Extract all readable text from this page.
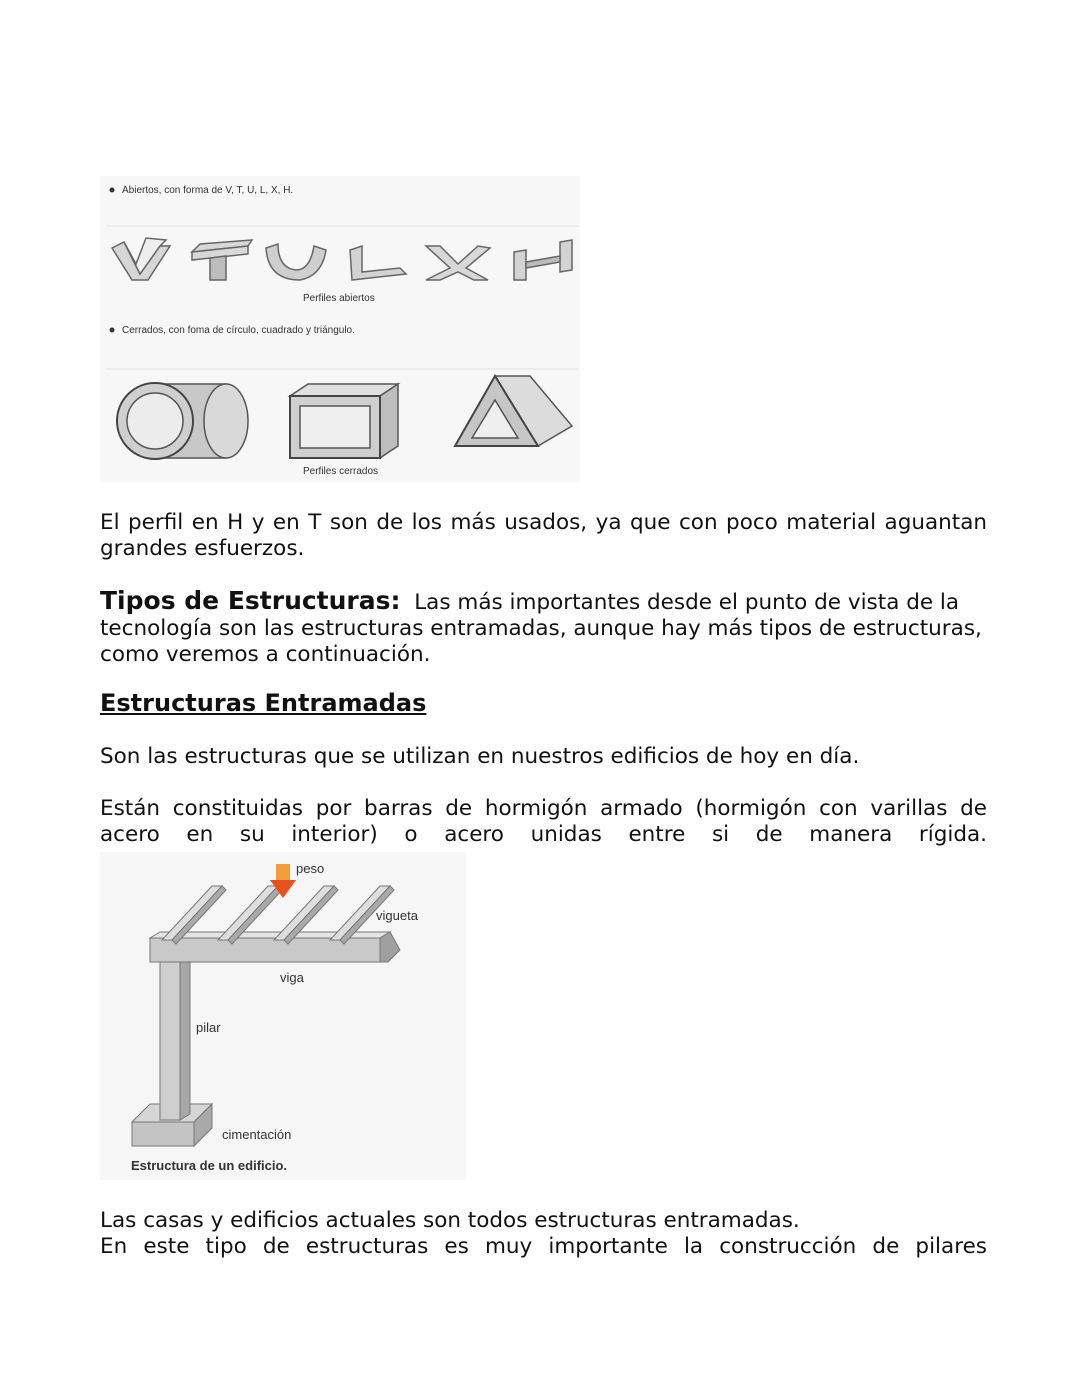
Abiertos, con forma de V, T, U, L, X, H.
Perfiles abiertos
Cerrados, con foma de círculo, cuadrado y triángulo.
Perfiles cerrados
El perfil en H y en T son de los más usados, ya que con poco material aguantan grandes esfuerzos.
Tipos de Estructuras: Las más importantes desde el punto de vista de la tecnología son las estructuras entramadas, aunque hay más tipos de estructuras, como veremos a continuación.
Estructuras Entramadas
Son las estructuras que se utilizan en nuestros edificios de hoy en día.
Están constituidas por barras de hormigón armado (hormigón con varillas de acero en su interior) o acero unidas entre si de manera rígida.
peso
vigueta
viga
pilar
cimentación
Estructura de un edificio.
Las casas y edificios actuales son todos estructuras entramadas.
En este tipo de estructuras es muy importante la construcción de pilares
